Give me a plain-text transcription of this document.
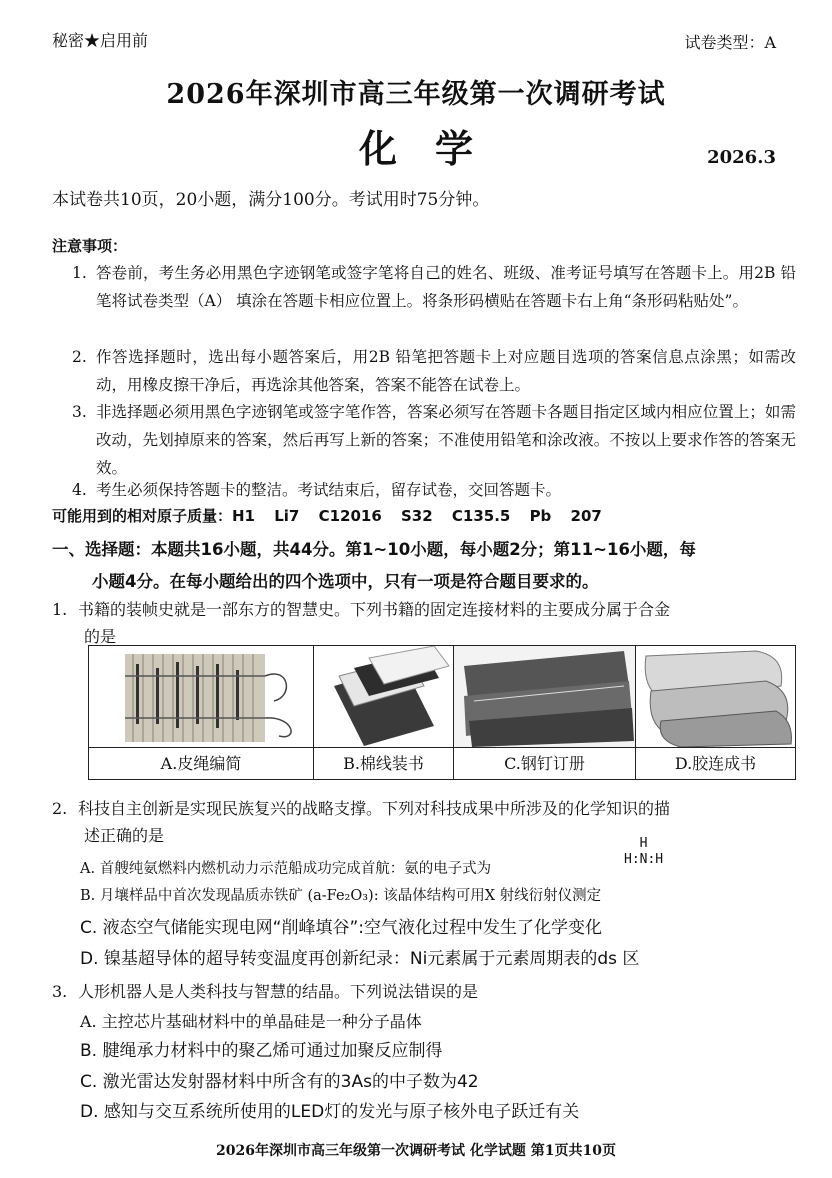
秘密★启用前	试卷类型：A
2026年深圳市高三年级第一次调研考试
化学	2026.3
本试卷共10页，20小题，满分100分。考试用时75分钟。
注意事项：
1. 答卷前，考生务必用黑色字迹钢笔或签字笔将自己的姓名、班级、准考证号填写在答题卡上。用2B 铅笔将试卷类型（A） 填涂在答题卡相应位置上。将条形码横贴在答题卡右上角“条形码粘贴处”。
2. 作答选择题时，选出每小题答案后，用2B 铅笔把答题卡上对应题目选项的答案信息点涂黑；如需改动，用橡皮擦干净后，再选涂其他答案，答案不能答在试卷上。
3. 非选择题必须用黑色字迹钢笔或签字笔作答，答案必须写在答题卡各题目指定区域内相应位置上；如需改动，先划掉原来的答案，然后再写上新的答案；不准使用铅笔和涂改液。不按以上要求作答的答案无效。
4. 考生必须保持答题卡的整洁。考试结束后，留存试卷，交回答题卡。
可能用到的相对原子质量：H1 Li7 C12016 S32 C135.5 Pb 207
一、选择题：本题共16小题，共44分。第1~10小题，每小题2分；第11~16小题，每
小题4分。在每小题给出的四个选项中，只有一项是符合题目要求的。
1. 书籍的装帧史就是一部东方的智慧史。下列书籍的固定连接材料的主要成分属于合金
的是
A.皮绳编简	B.棉线装书	C.钢钉订册	D.胶连成书
2. 科技自主创新是实现民族复兴的战略支撑。下列对科技成果中所涉及的化学知识的描
述正确的是
A. 首艘纯氨燃料内燃机动力示范船成功完成首航：氨的电子式为
H
H:N:H
B. 月壤样品中首次发现晶质赤铁矿 (a-Fe₂O₃): 该晶体结构可用X 射线衍射仪测定
C. 液态空气储能实现电网“削峰填谷”:空气液化过程中发生了化学变化
D. 镍基超导体的超导转变温度再创新纪录：Ni元素属于元素周期表的ds 区
3. 人形机器人是人类科技与智慧的结晶。下列说法错误的是
A. 主控芯片基础材料中的单晶硅是一种分子晶体
B. 腱绳承力材料中的聚乙烯可通过加聚反应制得
C. 激光雷达发射器材料中所含有的3As的中子数为42
D. 感知与交互系统所使用的LED灯的发光与原子核外电子跃迁有关
2026年深圳市高三年级第一次调研考试 化学试题 第1页共10页
